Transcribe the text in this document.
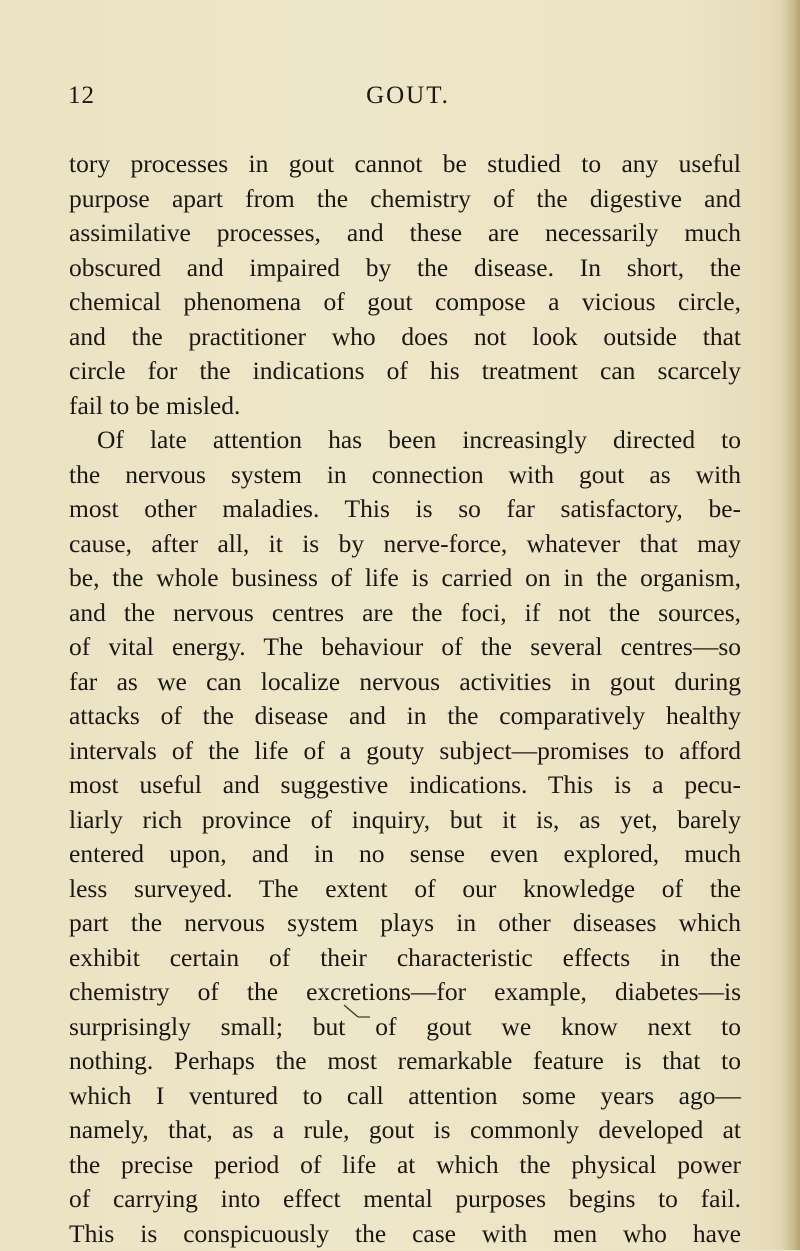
12	GOUT.
tory processes in gout cannot be studied to any useful
purpose apart from the chemistry of the digestive and
assimilative processes, and these are necessarily much
obscured and impaired by the disease. In short, the
chemical phenomena of gout compose a vicious circle,
and the practitioner who does not look outside that
circle for the indications of his treatment can scarcely
fail to be misled.
Of late attention has been increasingly directed to
the nervous system in connection with gout as with
most other maladies. This is so far satisfactory, be-
cause, after all, it is by nerve-force, whatever that may
be, the whole business of life is carried on in the organism,
and the nervous centres are the foci, if not the sources,
of vital energy. The behaviour of the several centres—so
far as we can localize nervous activities in gout during
attacks of the disease and in the comparatively healthy
intervals of the life of a gouty subject—promises to afford
most useful and suggestive indications. This is a pecu-
liarly rich province of inquiry, but it is, as yet, barely
entered upon, and in no sense even explored, much
less surveyed. The extent of our knowledge of the
part the nervous system plays in other diseases which
exhibit certain of their characteristic effects in the
chemistry of the excretions—for example, diabetes—is
surprisingly small; but of gout we know next to
nothing. Perhaps the most remarkable feature is that to
which I ventured to call attention some years ago—
namely, that, as a rule, gout is commonly developed at
the precise period of life at which the physical power
of carrying into effect mental purposes begins to fail.
This is conspicuously the case with men who have
